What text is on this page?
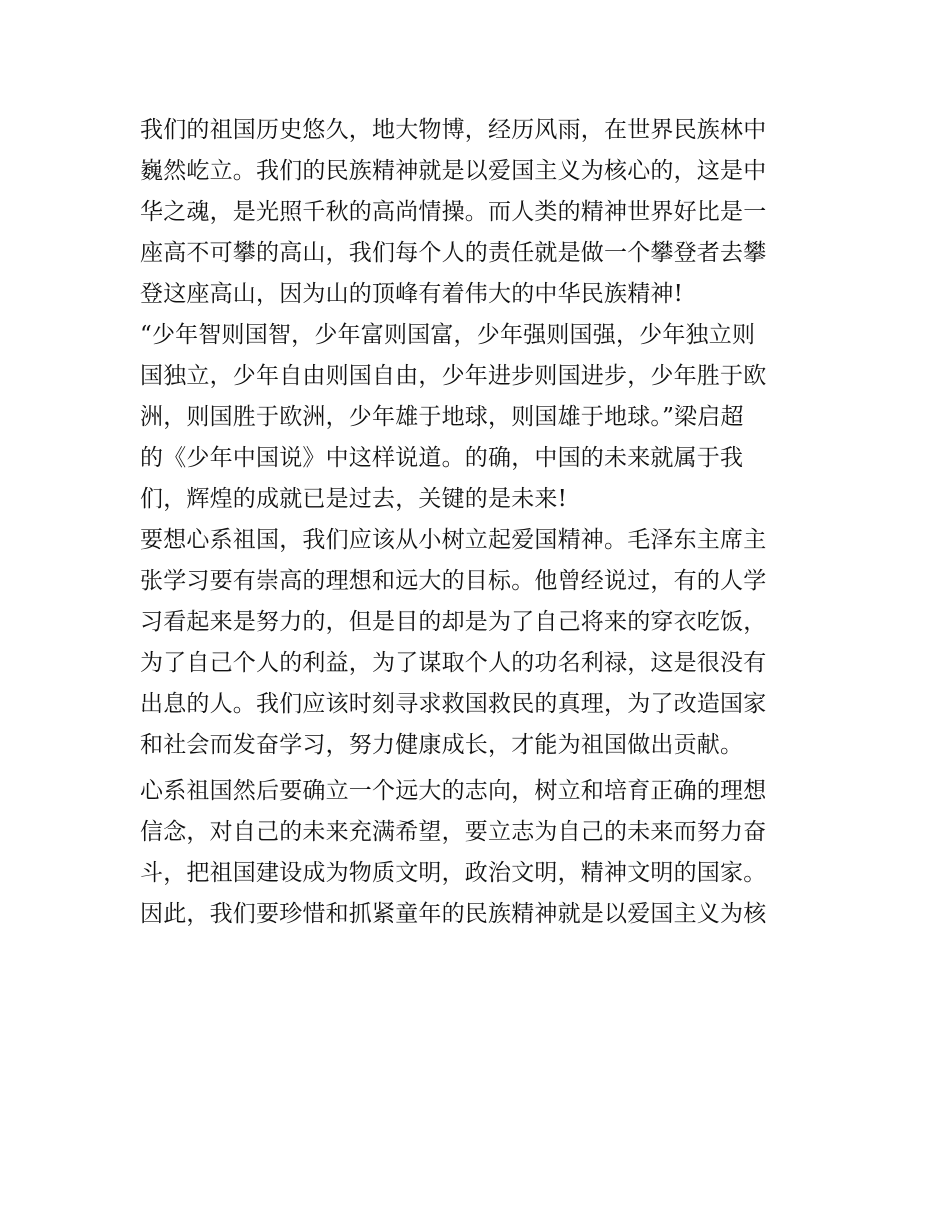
我们的祖国历史悠久，地大物博，经历风雨，在世界民族林中
巍然屹立。我们的民族精神就是以爱国主义为核心的，这是中
华之魂，是光照千秋的高尚情操。而人类的精神世界好比是一
座高不可攀的高山，我们每个人的责任就是做一个攀登者去攀
登这座高山，因为山的顶峰有着伟大的中华民族精神!
“少年智则国智，少年富则国富，少年强则国强，少年独立则
国独立，少年自由则国自由，少年进步则国进步，少年胜于欧
洲，则国胜于欧洲，少年雄于地球，则国雄于地球。”梁启超
的《少年中国说》中这样说道。的确，中国的未来就属于我
们，辉煌的成就已是过去，关键的是未来!
要想心系祖国，我们应该从小树立起爱国精神。毛泽东主席主
张学习要有崇高的理想和远大的目标。他曾经说过，有的人学
习看起来是努力的，但是目的却是为了自己将来的穿衣吃饭，
为了自己个人的利益，为了谋取个人的功名利禄，这是很没有
出息的人。我们应该时刻寻求救国救民的真理，为了改造国家
和社会而发奋学习，努力健康成长，才能为祖国做出贡献。
心系祖国然后要确立一个远大的志向，树立和培育正确的理想
信念，对自己的未来充满希望，要立志为自己的未来而努力奋
斗，把祖国建设成为物质文明，政治文明，精神文明的国家。
因此，我们要珍惜和抓紧童年的民族精神就是以爱国主义为核
